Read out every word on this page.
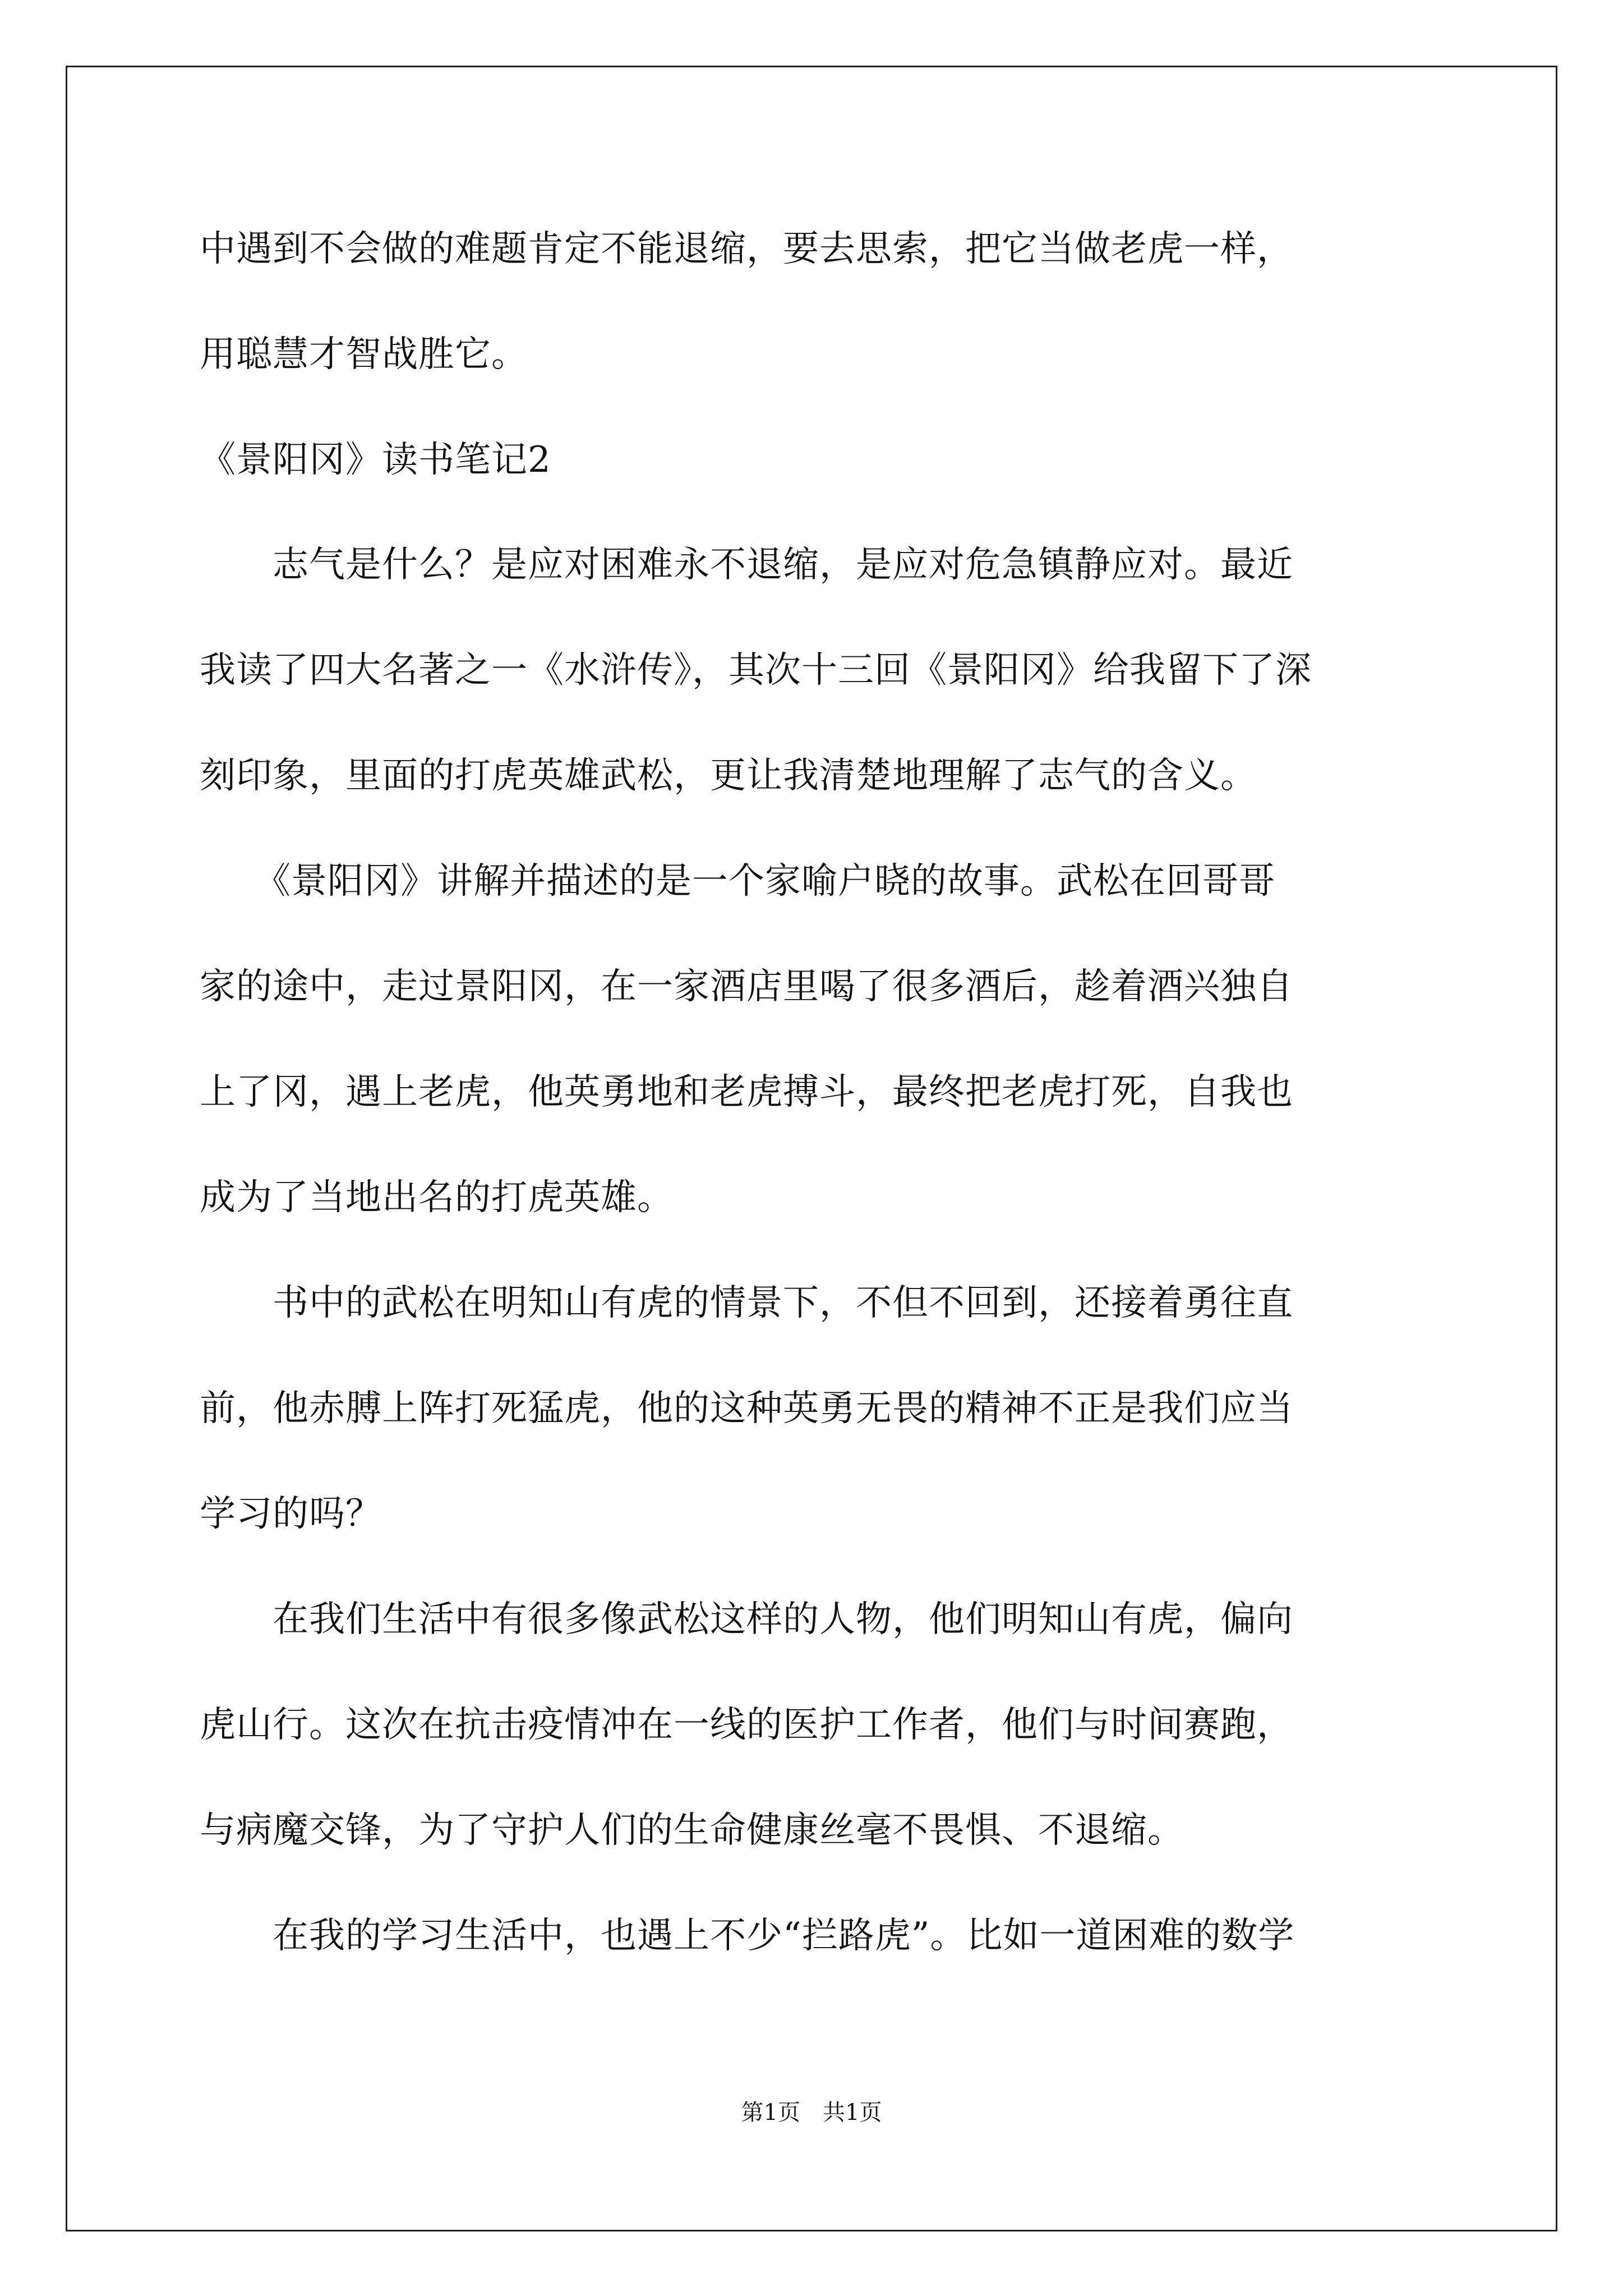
中遇到不会做的难题肯定不能退缩，要去思索，把它当做老虎一样，
用聪慧才智战胜它。
《景阳冈》读书笔记2
　　志气是什么？是应对困难永不退缩，是应对危急镇静应对。最近
我读了四大名著之一《水浒传》，其次十三回《景阳冈》给我留下了深
刻印象，里面的打虎英雄武松，更让我清楚地理解了志气的含义。
　　《景阳冈》讲解并描述的是一个家喻户晓的故事。武松在回哥哥
家的途中，走过景阳冈，在一家酒店里喝了很多酒后，趁着酒兴独自
上了冈，遇上老虎，他英勇地和老虎搏斗，最终把老虎打死，自我也
成为了当地出名的打虎英雄。
　　书中的武松在明知山有虎的情景下，不但不回到，还接着勇往直
前，他赤膊上阵打死猛虎，他的这种英勇无畏的精神不正是我们应当
学习的吗？
　　在我们生活中有很多像武松这样的人物，他们明知山有虎，偏向
虎山行。这次在抗击疫情冲在一线的医护工作者，他们与时间赛跑，
与病魔交锋，为了守护人们的生命健康丝毫不畏惧、不退缩。
　　在我的学习生活中，也遇上不少“拦路虎”。比如一道困难的数学
第1页 共1页
